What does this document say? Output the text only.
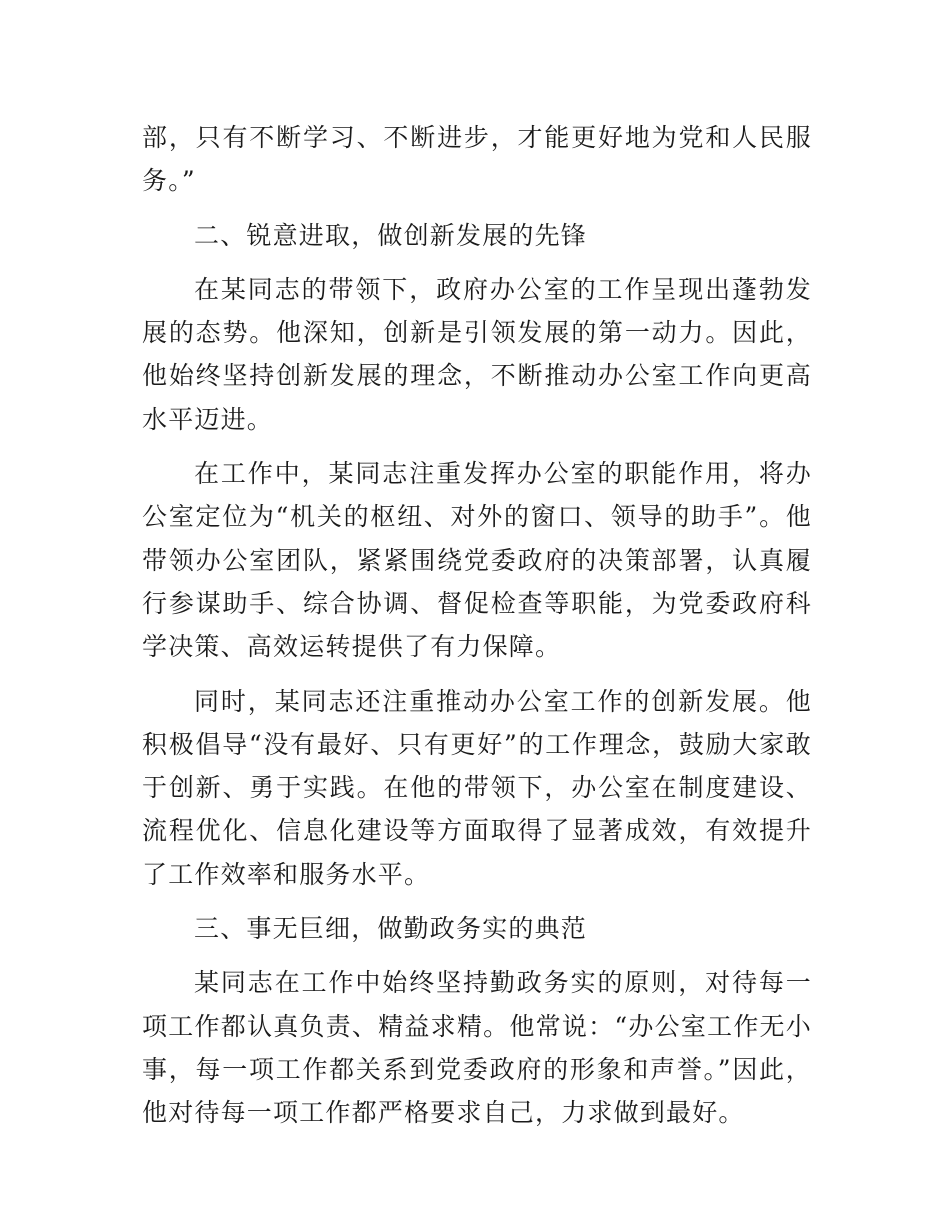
部，只有不断学习、不断进步，才能更好地为党和人民服务。”

二、锐意进取，做创新发展的先锋

在某同志的带领下，政府办公室的工作呈现出蓬勃发展的态势。他深知，创新是引领发展的第一动力。因此，他始终坚持创新发展的理念，不断推动办公室工作向更高水平迈进。

在工作中，某同志注重发挥办公室的职能作用，将办公室定位为“机关的枢纽、对外的窗口、领导的助手”。他带领办公室团队，紧紧围绕党委政府的决策部署，认真履行参谋助手、综合协调、督促检查等职能，为党委政府科学决策、高效运转提供了有力保障。

同时，某同志还注重推动办公室工作的创新发展。他积极倡导“没有最好、只有更好”的工作理念，鼓励大家敢于创新、勇于实践。在他的带领下，办公室在制度建设、流程优化、信息化建设等方面取得了显著成效，有效提升了工作效率和服务水平。

三、事无巨细，做勤政务实的典范

某同志在工作中始终坚持勤政务实的原则，对待每一项工作都认真负责、精益求精。他常说：“办公室工作无小事，每一项工作都关系到党委政府的形象和声誉。”因此，他对待每一项工作都严格要求自己，力求做到最好。
